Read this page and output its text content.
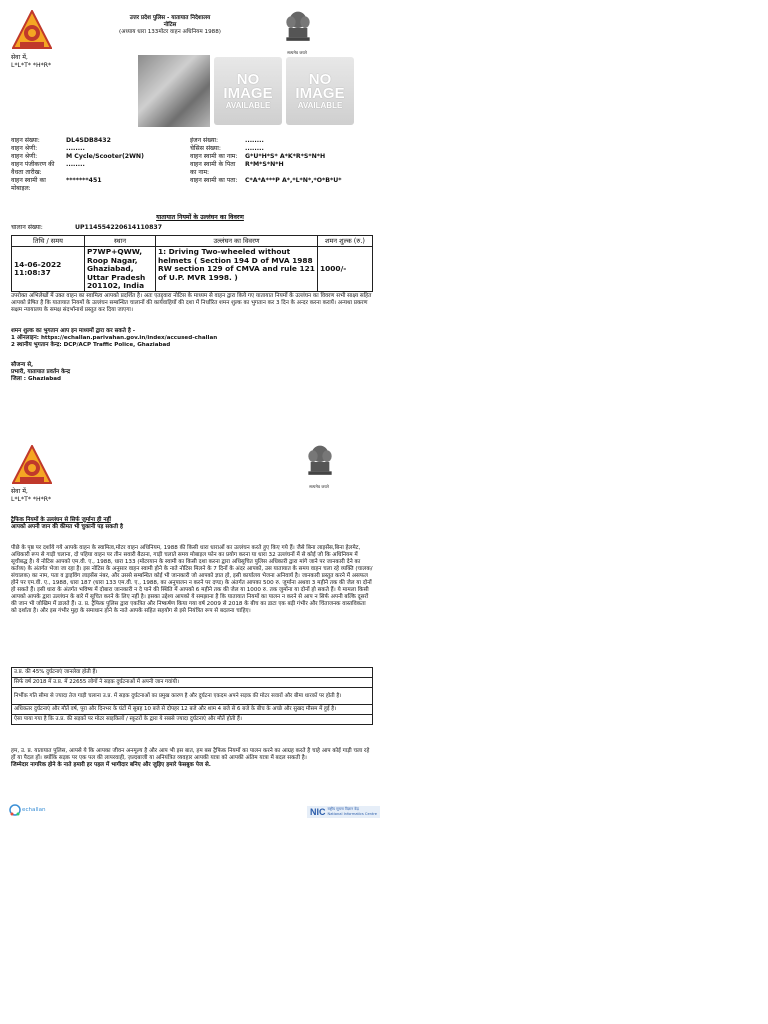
उत्तर प्रदेश पुलिस - यातायात निदेशालय
नोटिस
(अध्याय धारा 133मोटर वाहन अधिनियम 1988)
सत्यमेव जयते
सेवा में,
L*L*T* *H*R*
NO
IMAGE
AVAILABLE
NO
IMAGE
AVAILABLE
वाहन संख्या:	DL4SDB8432
वाहन श्रेणी:	........
वाहन श्रेणी:	M Cycle/Scooter(2WN)
वाहन पंजीकरण की	........
वैधता तारीख:
वाहन स्वामी का	*******451
मोबाइल:
इंजन संख्या:	........
चेसिस संख्या:	........
वाहन स्वामी का नाम:	G*U*H*S* A*K*R*S*N*H
वाहन स्वामी के पिता	R*M*S*N*H
का नाम:
वाहन स्वामी का पता:	C*A*A***P A*,*L*N*,*O*B*U*
यातायात नियमों के उल्लंघन का विवरण
चालान संख्या:	UP114554220614110837
तिथि / समय	स्थान	उल्लंघन का विवरण	शमन शुल्क (रु.)
14-06-2022 11:08:37	P7WP+QWW, Roop Nagar, Ghaziabad, Uttar Pradesh 201102, India	1: Driving Two-wheeled without helmets ( Section 194 D of MVA 1988 RW section 129 of CMVA and rule 121 of U.P. MVR 1998. )	1000/-
उपरोक्त अभिलेखों में उक्त वाहन का स्वामित्व आपको प्रदर्शित है। अतः एतद्द्वारा नोटिस के माध्यम से वाहन द्वारा किये गए यातायात नियमों के उल्लंघन का विवरण सभी साक्ष्य सहित आपको प्रेषित है कि यातायात नियमों के उल्लंघन सम्बन्धित चालानों की कार्यवाहियों की दशा में निर्धारित शमन शुल्क का भुगतान कर 3 दिन के अन्दर करना करायें। अन्यथा प्रकरण सक्षम न्यायालय के समक्ष संदर्भानार्थ प्रस्तुत कर दिया जाएगा।
शमन शुल्क का भुगतान आप इन माध्यमों द्वारा कर सकते है -
1 ऑनलाइन: https://echallan.parivahan.gov.in/index/accused-challan
2 स्थानीय भुगतान केन्द्र: DCP/ACP Traffic Police, Ghaziabad
सौजन्य से,
प्रभारी, यातायात प्रवर्तन केन्द्र
जिला : Ghaziabad
सत्यमेव जयते
सेवा में,
L*L*T* *H*R*
ट्रैफिक नियमों के उल्लंघन से सिर्फ जुर्माना ही नहीं
आपको अपनी जान की कीमत भी चुकानी पड़ सकती है
पीछे के पृष्ठ पर दर्शाये गये आपके वाहन के स्वामित्व,मोटर वाहन अधिनियम, 1988 की किसी धारा धाराओं का उल्लंघन करते हुए किए गये हैं। जैसे बिना लाइसेंस,बिना हेलमेट, अधिकारी रूप से गाड़ी चलाना, दो पहिया वाहन पर तीन सवारी बैठाना, गाड़ी चलाते समय मोबाइल फोन का प्रयोग करना या धारा 32 उल्लंघनों में से कोई जो कि अधिनियम में सूचीबद्ध है। ये नोटिस आपको एम.वी. ए., 1988, धारा 133 (मोटरयान के स्वामी का किसी दशा करना द्वारा अधिसूचित पुलिस अधिकारी द्वारा मांगे जाने पर जानकारी देने का कर्तव्य) के अंतर्गत भेजा जा रहा है। इस नोटिस के अनुसार वाहन स्वामी होने के नाते नोटिस मिलने के 7 दिनों के अंदर आपको, उस यातायात के समय वाहन चला रहे व्यक्ति (चालक/संचालक) का नाम, पता व ड्राइविंग लाइसेंस नंबर, और उससे सम्बन्धित कोई भी जानकारी जो आपको ज्ञात हो, इसी कार्यालय भेजना अनिवार्य है। जानकारी प्रस्तुत करने में असफल होने पर एम.वी. ए., 1988, धारा 187 (धारा 133 एम.वी. ए., 1988, का अनुपालन न करने पर दण्ड) के अंतर्गत आपका 500 रु. जुर्माना अथवा 3 महीने तक की जेल या दोनों हो सकते हैं। इसी धारा के अंतर्गत भविष्य में दोबारा जानकारी न दे पाने की स्थिति में आपको 6 महीने तक की जेल या 1000 रु. तक जुर्माना या दोनों हो सकते हैं। ये मामला किसी आपको आपके द्वारा उल्लंघन के बारे में सूचित करने के लिए नहीं है। इसका उद्देश्य आपको ये समझाना है कि यातायात नियमों का पालन न करने से आप न सिर्फ अपनी बल्कि दूसरों की जान भी जोखिम में डालते हैं। उ. प्र. ट्रैफिक पुलिस द्वारा एकत्रित और निष्कर्षण किया गया वर्ष 2009 से 2018 के बीच का डाटा एक बड़ी गंभीर और चिंताजनक वास्तविकता को दर्शाता है। और इस गंभीर मुद्दा के समाधान होने के नाते आपके सहित सहयोग से इसे नियंत्रित रूप से बदलना चाहिए।
उ.प्र. की 45% दुर्घटनाएं जानलेवा होती हैं।
सिर्फ वर्ष 2018 में उ.प्र. में 22655 लोगों ने सड़क दुर्घटनाओं में अपनी जान गवांयी।
निर्भीक गति सीमा से ज्यादा तेज गाड़ी चलाना उ.प्र. में सड़क दुर्घटनाओं का प्रमुख कारण है और दुर्घटना एकदम अपने सड़क की मोटर सवारों और बीमा धारकों पर होती है।
अधिकतर दुर्घटनाएं और मौतें वर्ष, पूरा और दिनभर के घंटों में सुबह 10 बजे से दोपहर 12 बजे और शाम 4 बजे से 6 बजे के बीच के अच्छे और सुखद मौसम में हुई है।
ऐसा पाया गया है कि उ.प्र. की सड़कों पर मोटर साइकिलों / स्कूटरों के द्वारा ये सबसे ज्यादा दुर्घटनाएं और मौतें होती हैं।
हम, उ. प्र. यातायात पुलिस, आपसे ये कि आपका जीवन अनमूल्य है और आप भी इस बात, हम बस ट्रैफिक नियमों का पालन करने का आग्रह करते है चाहे आप कोई गाड़ी चला रहे हों या पैदल हों। क्योंकि सड़क पर एक पल की लापरवाही, ज़ल्दबाजी या अनियंत्रित व्यवहार आपकी यात्रा को आपकी अंतिम यात्रा में बदल सकती है।
जिम्मेदार नागरिक होने के नाते हमारी हर पहल में भागीदार बनिए और जुड़िए हमारे फेसबुक पेज से.
echallan	NIC राष्ट्रीय सूचना विज्ञान केंद्र
National Informatics Centre
